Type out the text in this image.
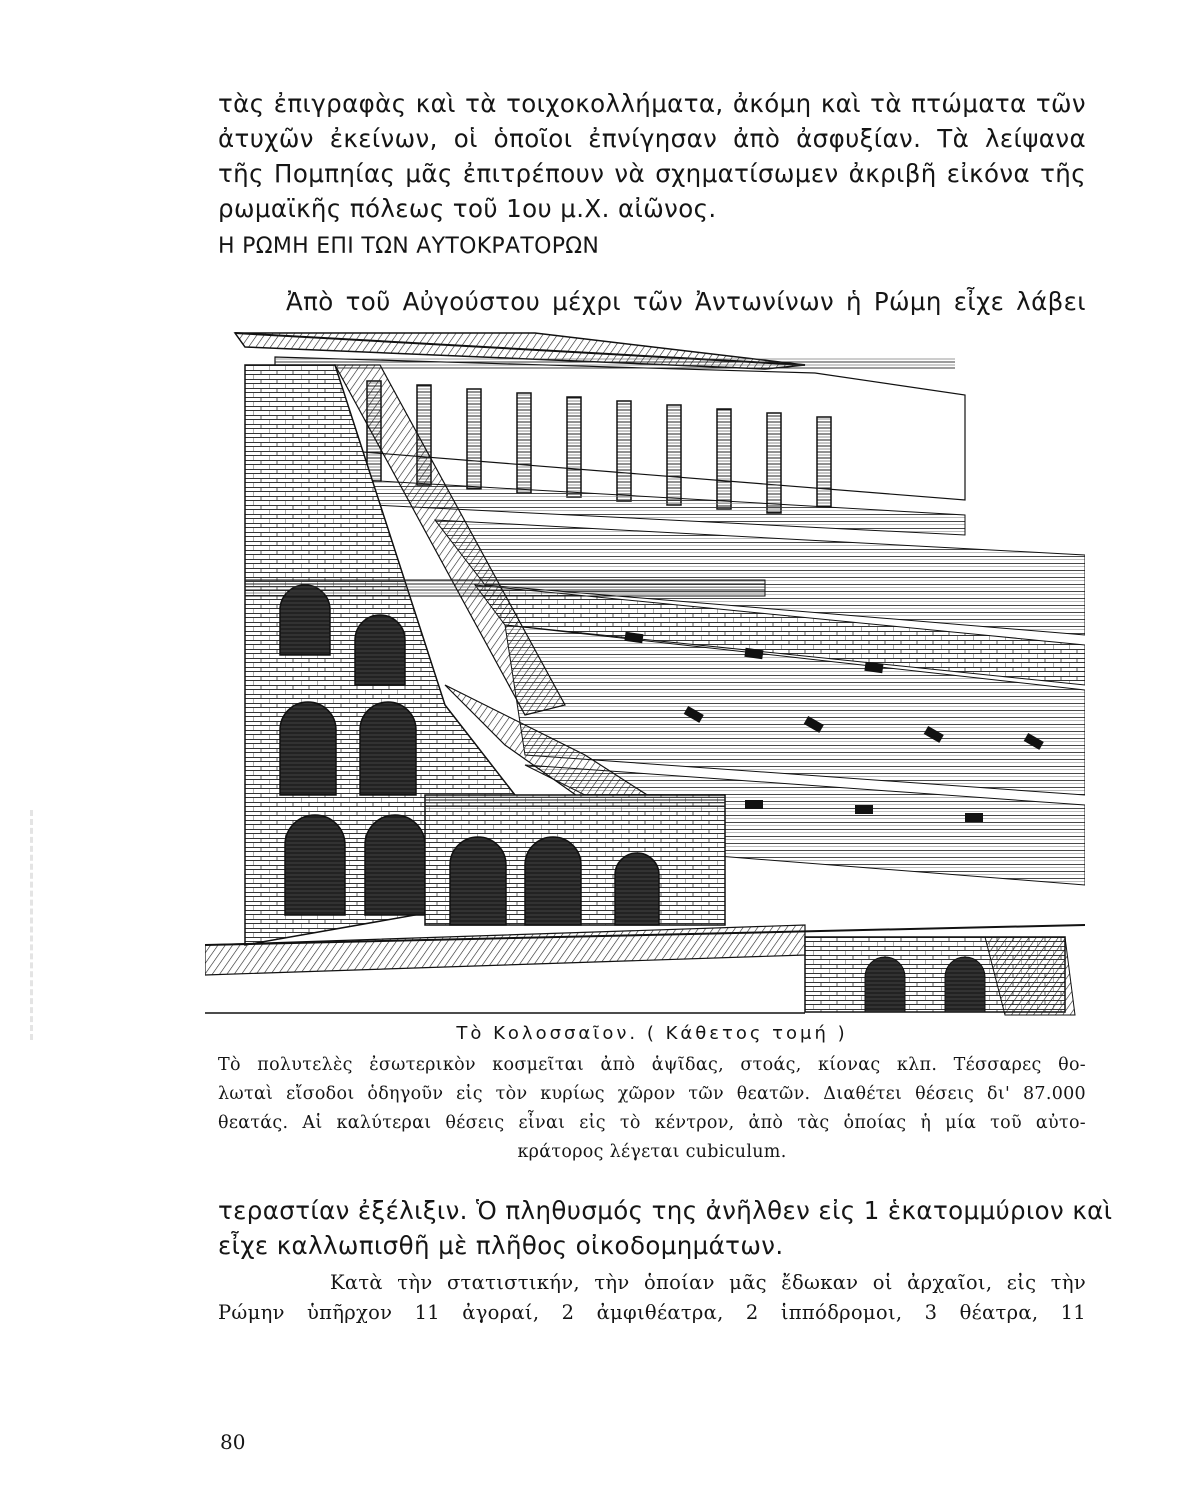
τὰς ἐπιγραφὰς καὶ τὰ τοιχοκολλήματα, ἀκόμη καὶ τὰ πτώματα τῶν
ἀτυχῶν ἐκείνων, οἱ ὁποῖοι ἐπνίγησαν ἀπὸ ἀσφυξίαν. Τὰ λείψανα
τῆς Πομπηίας μᾶς ἐπιτρέπουν νὰ σχηματίσωμεν ἀκριβῆ εἰκόνα τῆς
ρωμαϊκῆς πόλεως τοῦ 1ου μ.Χ. αἰῶνος.
Η ΡΩΜΗ ΕΠΙ ΤΩΝ ΑΥΤΟΚΡΑΤΟΡΩΝ
Ἀπὸ τοῦ Αὐγούστου μέχρι τῶν Ἀντωνίνων ἡ Ρώμη εἶχε λάβει
Τὸ Κολοσσαῖον. ( Κάθετος τομή )
Τὸ πολυτελὲς ἐσωτερικὸν κοσμεῖται ἀπὸ ἁψῖδας, στοάς, κίονας κλπ. Τέσσαρες θο-
λωταὶ εἴσοδοι ὁδηγοῦν εἰς τὸν κυρίως χῶρον τῶν θεατῶν. Διαθέτει θέσεις δι' 87.000
θεατάς. Αἱ καλύτεραι θέσεις εἶναι εἰς τὸ κέντρον, ἀπὸ τὰς ὁποίας ἡ μία τοῦ αὐτο-
κράτορος λέγεται cubiculum.
τεραστίαν ἐξέλιξιν. Ὁ πληθυσμός της ἀνῆλθεν εἰς 1 ἑκατομμύριον καὶ
εἶχε καλλωπισθῆ μὲ πλῆθος οἰκοδομημάτων.
Κατὰ τὴν στατιστικήν, τὴν ὁποίαν μᾶς ἔδωκαν οἱ ἀρχαῖοι, εἰς τὴν
Ρώμην ὑπῆρχον 11 ἀγοραί, 2 ἀμφιθέατρα, 2 ἱππόδρομοι, 3 θέατρα, 11
80
